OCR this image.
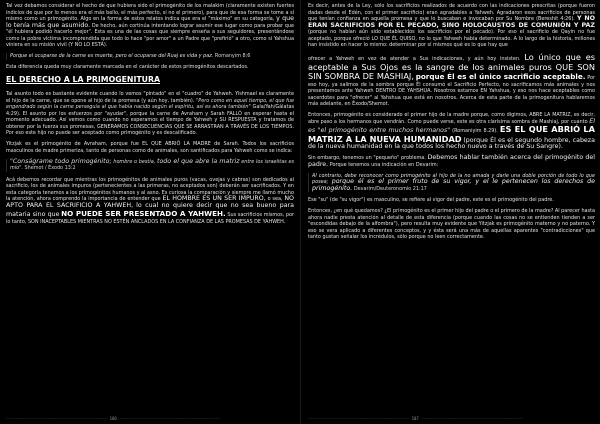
Tal vez debamos considerar el hecho de que hubiera sido el primogénito de los malakim (claramente existen fuertes indicios de que por lo menos era el más bello, el más perfecto, si no el primero), para que de esa forma se tome a sí mismo como un primogénito. Algo en la forma de estos relatos indica que era el "máximo" en su categoría, y que lo tenía más que asumido. De hecho, aún cortinúa intentando lograr asumir ese lugar como para probar que "él hubiera podido hacerlo mejor". Esta es una de las cosas que siempre enseña a sus seguidores, presentándose como la pobre víctima incomprendida que todo lo hace "por amor" a un Padre que "prefirió" a otro, como si Yahshua viniera en su misión vivil (Y NO LO ESTÁ).

Porque el ocuparse de la carne es muerte, pero el ocuparse del Ruaj es vida y paz. Romanyim 8:6

Esta diferencia queda muy claramente marcada en el carácter de estos primogénitos descartados.

EL DERECHO A LA PRIMOGENITURA

Tal asunto todo es bastante evidente cuando lo vemos "pintado" en el "cuadro" de Yahweh. Yishmael es claramente el hijo de la carne, que se opone al hijo de la promesa (y aún hoy, también). "Pero como en aquel tiempo, el que fue engendrado según la carne perseguía al que había nacido según el espíritu, así es ahora también" Gala/Yah/Gálatas 4:29). El asunto por los esfuerzos por "ayudar", porque la carne de Avraham y Sarah FALLÓ en esperar hasta el momento adecuado. Así vemos como cuando no esperamos el tiempo de Yahweh y SU RESPUESTA y tratamos de obtener por la fuerza sus promesas, GENERAMOS CONSECUENCIAS QUE SE ARRASTRAN A TRAVÉS DE LOS TIEMPOS. Por eso este hijo no puede ser aceptado como primogénito y es descalificado.

Yitzjak es el primogénito de Avraham, porque fue EL QUE ABRIÓ LA MADRE de Sarah. Todos los sacrificios masculinos de madre primeriza, tanto de personas como de animales, son santificados para Yahweh como se indica:

"Conságrame todo primogénito; hombre o bestia, todo el que abre la matriz entre los israelitas es mío". Shemot / Éxodo 13:2

Acá debemos recordar que mientras los primogénitos de animales puros (vacas, ovejas y cabras) son dedicados al sacrificio, los de animales impuros (pertenecientes a las primeras, no aceptados son) deberán ser sacrificados. Y en esta categoría tenemos a los primogénitos humanos y al asno. Es curiosa la comparación y siempre me llamó mucho la atención, ahora comprendo la importancia de entender que EL HOMBRE ES UN SER IMPURO, o sea, NO APTO PARA EL SACRIFICIO A YAHWEH, lo cual no quiere decir que no sea bueno para mataria sino que NO PUEDE SER PRESENTADO A YAHWEH. Sus sacrificios mismos, por lo tanto, SON INACEPTABLES MIENTRAS NO ESTÉN ANCLADOS EN LA CONFIANZA DE LAS PROMESAS DE YAHWEH.

Es decir, antes de la Ley, sólo los sacrificios realizados de acuerdo con las indicaciones prescritas (porque fueron dadas desde el Edén, con el primer sacrificio) eran agradables a Yahweh. Agradaron esos sacrificios de personas que tenían confianza en aquella promesa y que lo buscaban e invocaban por Su Nombre (Bereshit 4:26). Y NO ERAN SACRIFICIOS POR EL PECADO, SINO HOLOCAUSTOS DE COMUNIÓN Y PAZ (porque no habían aún sido establecidos los sacrificios por el pecado). Por eso el sacrificio de Qayin no fue aceptado, porque ofreció LO QUE ÉL QUISO, no lo que Yahweh había determinado. A lo largo de la historia, millones han insistido en hacer lo mismo: determinar por sí mismos qué es lo que hay que

ofrecer a Yahweh en vez de atender a Sus indicaciones, y aún hoy insisten. Lo único que es aceptable a Sus Ojos es la sangre de los animales puros QUE SON SIN SOMBRA DE MASHIAJ, porque Él es el único sacrificio aceptable. Por eso hoy, ya salimos de la sombra porque Él consumó el Sacrificio Perfecto, no sacrificamos más animales y nos presentamos ante Yahweh DENTRO DE YAHSHUA. Nosotros estamos EN Yahshua, y eso nos hace aceptables como sacerdotes para "ofrecer" al Yahshua que está en nosotros. Acerca de esta parte de la primogenitura hablaremos más adelante, en Éxodo/Shemot.

Entonces, primogénito es considerado el primer hijo de la madre porque, como digimos, ABRE LA MATRIZ, es decir, abre paso a los hermanos que vendrán. Como puede verse, este es otra clarísima sombra de Mashiaj, por cuanto Él es "el primogénito entre muchos hermanos" (Romaniyim 8.29). ES EL QUE ABRIÓ LA MATRIZ A LA NUEVA HUMANIDAD (porque Él es el segundo hombre, cabeza de la nueva humanidad en la que todos los hecho nuevo a través de Su Sangre).

Sin embargo, tenemos un "pequeño" problema. Debemos hablar también acerca del primogénito del padre. Porque tenemos una indicación en Devarim:

Al contrario, debe reconocer como primogénito al hijo de la no amada y darle una doble porción de todo lo que posea; porque él es el primer fruto de su vigor, y el le pertenecen los derechos de primogénito. Devarim/Deuteronomio 21:17

Ese "su" (de "su vigor") es masculino, se refiere al vigor del padre, este es el primogénito del padre.

Entonces, ¿en qué quedamos? ¿El primogénito es el primer hijo del padre o el primero de la madre? Al parecer hasta ahora nadie presta atención al detalle de esta diferencia (porque cuando las cosas no se entienden tienden a ser "escondidas debajo de la alfombra"), pero resulta muy evidente que Yitzjak es primogénito materno y no paterno. Y eso se vera aplicado a diferentes conceptos, y y ésta será una más de aquellas aparentes "contradicciones" que tanto gustan señalar los incrédulos, sólo porque no leen correctamente.

—————————————————————————————————————————— 106 ——————————————————————————————————————————	—————————————————————————————————————————— 107 ——————————————————————————————————————————
